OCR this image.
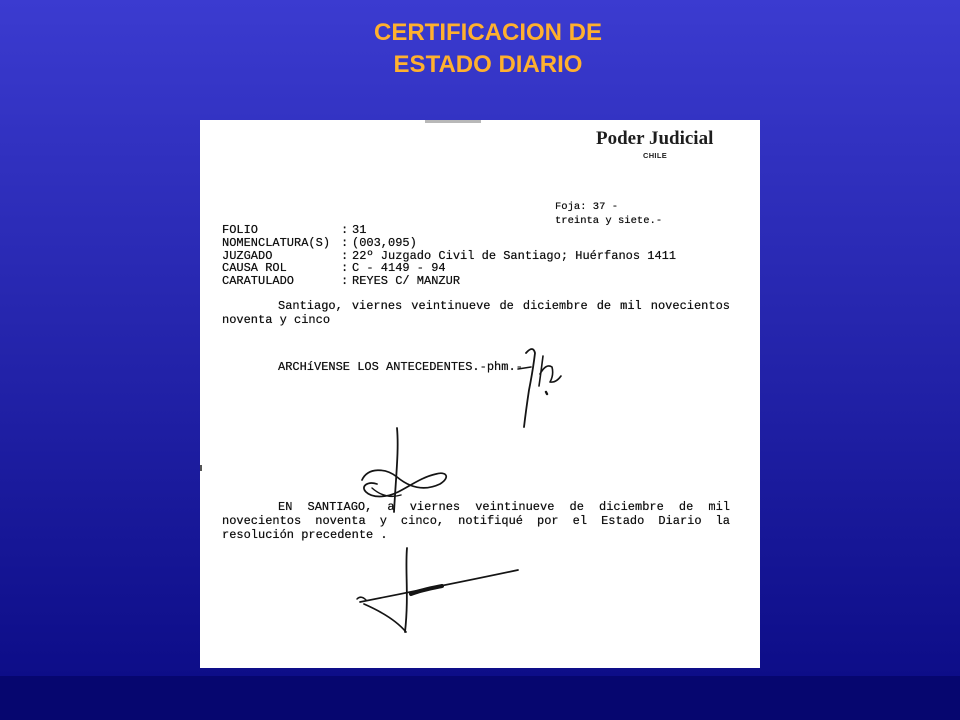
CERTIFICACION DE
ESTADO DIARIO
Poder Judicial
CHILE
Foja: 37 -
treinta y siete.-
FOLIO	: 31
NOMENCLATURA(S) : (003,095)
JUZGADO	: 22º Juzgado Civil de Santiago; Huérfanos 1411
CAUSA ROL	: C - 4149 - 94
CARATULADO	: REYES C/ MANZUR
Santiago, viernes veintinueve de diciembre de mil novecientos
noventa y cinco
ARCHíVENSE LOS ANTECEDENTES.-phm.-
EN SANTIAGO, a viernes veintinueve de diciembre de mil
novecientos noventa y cinco, notifiqué por el Estado Diario la
resolución precedente .
